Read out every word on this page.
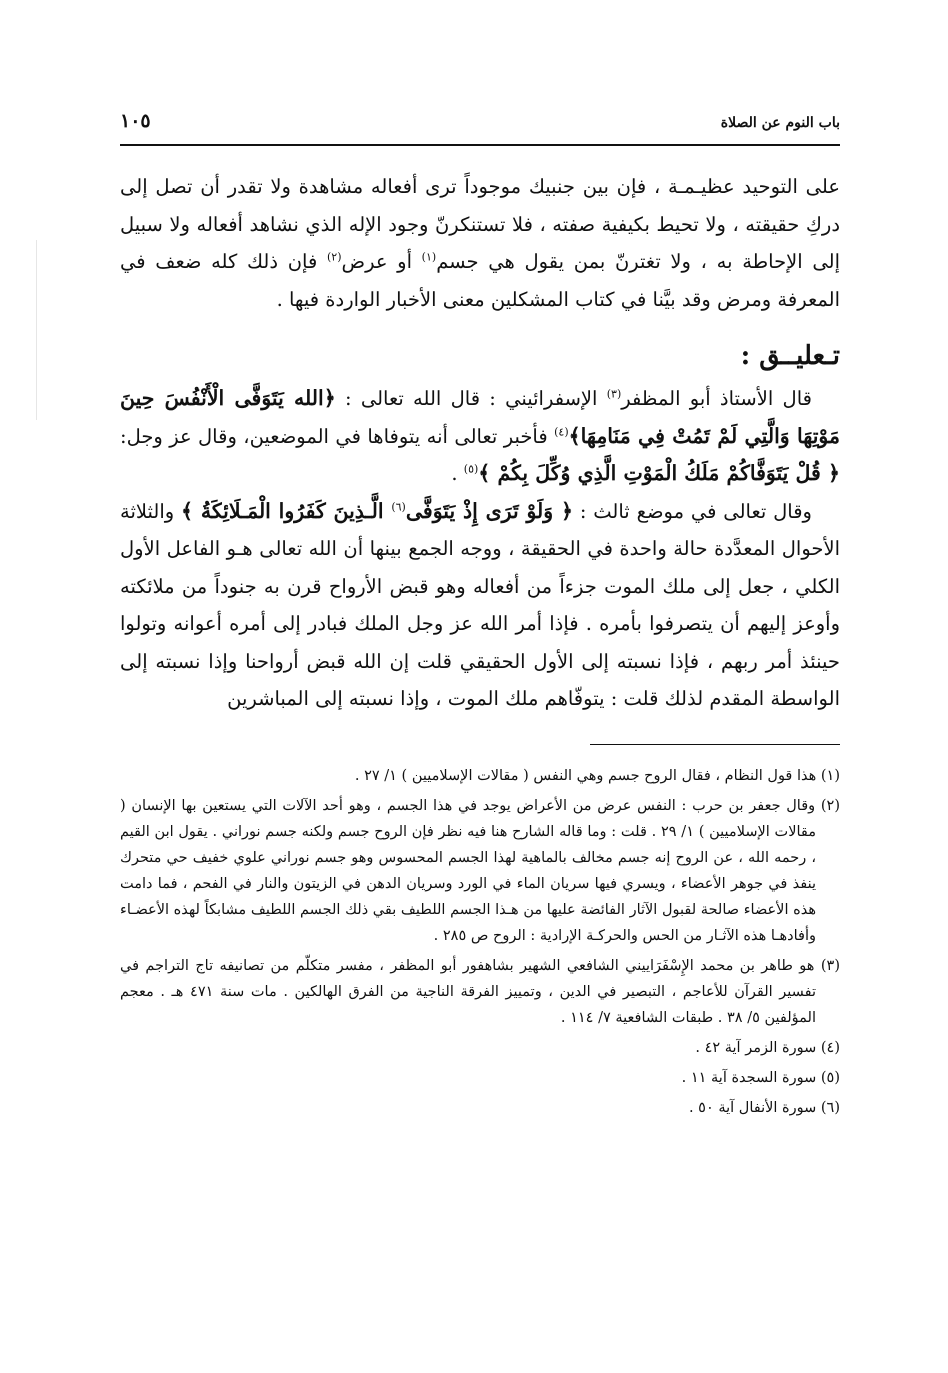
باب النوم عن الصلاة
١٠٥

على التوحيد عظيـمـة ، فإن بين جنبيك موجوداً ترى أفعاله مشاهدة ولا تقدر أن تصل إلى دركِ حقيقته ، ولا تحيط بكيفية صفته ، فلا تستنكرنّ وجود الإله الذي نشاهد أفعاله ولا سبيل إلى الإحاطة به ، ولا تغترنّ بمن يقول هي جسم$^{(١)}$ أو عرض$^{(٢)}$ فإن ذلك كله ضعف في المعرفة ومرض وقد بيَّنا في كتاب المشكلين معنى الأخبار الواردة فيها .

تـعليــق :

قال الأستاذ أبو المظفر$^{(٣)}$ الإسفرائيني : قال الله تعالى : ﴿الله يَتَوَفَّى الْأَنْفُسَ حِينَ مَوْتِهَا وَالَّتِي لَمْ تَمُتْ فِي مَنَامِهَا﴾$^{(٤)}$ فأخبر تعالى أنه يتوفاها في الموضعين، وقال عز وجل: ﴿ قُلْ يَتَوَفَّاكُمْ مَلَكُ الْمَوْتِ الَّذِي وُكِّلَ بِكُمْ ﴾$^{(٥)}$ .

وقال تعالى في موضع ثالث : ﴿ وَلَوْ تَرَى إِذْ يَتَوَفَّى$^{(٦)}$ الَّـذِينَ كَفَرُوا الْمَـلَائِكَةُ ﴾ والثلاثة الأحوال المعدَّدة حالة واحدة في الحقيقة ، ووجه الجمع بينها أن الله تعالى هـو الفاعل الأول الكلي ، جعل إلى ملك الموت جزءاً من أفعاله وهو قبض الأرواح قرن به جنوداً من ملائكته وأوعز إليهم أن يتصرفوا بأمره . فإذا أمر الله عز وجل الملك فبادر إلى أمره أعوانه وتولوا حينئذ أمر ربهم ، فإذا نسبته إلى الأول الحقيقي قلت إن الله قبض أرواحنا وإذا نسبته إلى الواسطة المقدم لذلك قلت : يتوفّاهم ملك الموت ، وإذا نسبته إلى المباشرين

(١) هذا قول النظام ، فقال الروح جسم وهي النفس ( مقالات الإسلاميين ) ١/ ٢٧ .

(٢) وقال جعفر بن حرب : النفس عرض من الأعراض يوجد في هذا الجسم ، وهو أحد الآلات التي يستعين بها الإنسان ( مقالات الإسلاميين ) ١/ ٢٩ . قلت : وما قاله الشارح هنا فيه نظر فإن الروح جسم ولكنه جسم نوراني . يقول ابن القيم ، رحمه الله ، عن الروح إنه جسم مخالف بالماهية لهذا الجسم المحسوس وهو جسم نوراني علوي خفيف حي متحرك ينفذ في جوهر الأعضاء ، ويسري فيها سريان الماء في الورد وسريان الدهن في الزيتون والنار في الفحم ، فما دامت هذه الأعضاء صالحة لقبول الآثار الفائضة عليها من هـذا الجسم اللطيف بقي ذلك الجسم اللطيف مشابكاً لهذه الأعضـاء وأفادهـا هذه الآثـار من الحس والحركـة الإرادية : الروح ص ٢٨٥ .

(٣) هو طاهر بن محمد الإِسْفَرَاييني الشافعي الشهير بشاهفور أبو المظفر ، مفسر متكلّم من تصانيفه تاج التراجم في تفسير القرآن للأعاجم ، التبصير في الدين ، وتمييز الفرقة الناجية من الفرق الهالكين . مات سنة ٤٧١ هـ . معجم المؤلفين ٥/ ٣٨ . طبقات الشافعية ٧/ ١١٤ .

(٤) سورة الزمر آية ٤٢ .

(٥) سورة السجدة آية ١١ .

(٦) سورة الأنفال آية ٥٠ .
